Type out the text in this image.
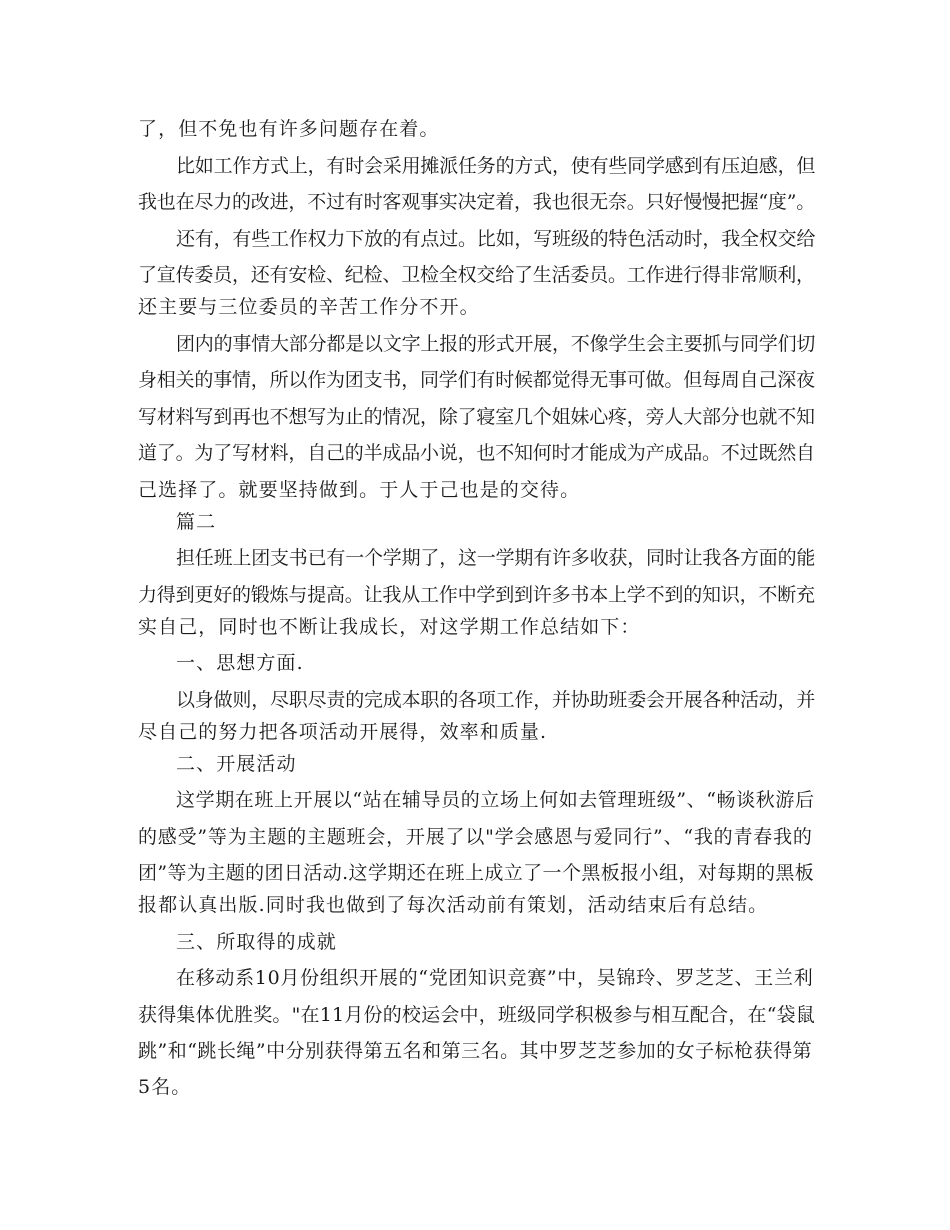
了，但不免也有许多问题存在着。

比如工作方式上，有时会采用摊派任务的方式，使有些同学感到有压迫感，但

我也在尽力的改进，不过有时客观事实决定着，我也很无奈。只好慢慢把握“度”。

还有，有些工作权力下放的有点过。比如，写班级的特色活动时，我全权交给

了宣传委员，还有安检、纪检、卫检全权交给了生活委员。工作进行得非常顺利，

还主要与三位委员的辛苦工作分不开。

团内的事情大部分都是以文字上报的形式开展，不像学生会主要抓与同学们切

身相关的事情，所以作为团支书，同学们有时候都觉得无事可做。但每周自己深夜

写材料写到再也不想写为止的情况，除了寝室几个姐妹心疼，旁人大部分也就不知

道了。为了写材料，自己的半成品小说，也不知何时才能成为产成品。不过既然自

己选择了。就要坚持做到。于人于己也是的交待。

篇二

担任班上团支书已有一个学期了，这一学期有许多收获，同时让我各方面的能

力得到更好的锻炼与提高。让我从工作中学到到许多书本上学不到的知识，不断充

实自己，同时也不断让我成长，对这学期工作总结如下：

一、思想方面.

以身做则，尽职尽责的完成本职的各项工作，并协助班委会开展各种活动，并

尽自己的努力把各项活动开展得，效率和质量.

二、开展活动

这学期在班上开展以“站在辅导员的立场上何如去管理班级”、“畅谈秋游后

的感受”等为主题的主题班会，开展了以"学会感恩与爱同行”、“我的青春我的

团”等为主题的团日活动.这学期还在班上成立了一个黑板报小组，对每期的黑板

报都认真出版.同时我也做到了每次活动前有策划，活动结束后有总结。

三、所取得的成就

在移动系10月份组织开展的“党团知识竞赛”中，吴锦玲、罗芝芝、王兰利

获得集体优胜奖。"在11月份的校运会中，班级同学积极参与相互配合，在“袋鼠

跳”和“跳长绳”中分别获得第五名和第三名。其中罗芝芝参加的女子标枪获得第

5名。
